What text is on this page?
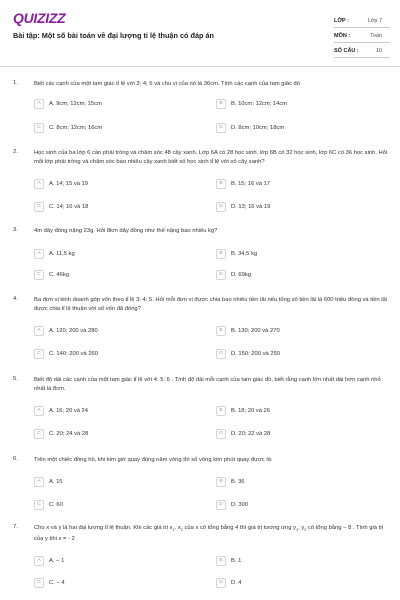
QUIZIZZ
Bài tập: Một số bài toán về đại lượng tỉ lệ thuận có đáp án
LỚP :	Lớp 7
MÔN :	Toán
SỐ CÂU :	10
1.	Biết các cạnh của một tam giác tỉ lệ với 3; 4; 5 và chu vi của nó là 36cm. Tính các cạnh của tam giác đó
A	A. 9cm; 12cm; 15cm	B	B. 10cm; 12cm; 14cm
C	C. 8cm; 12cm; 16cm	D	D. 8cm; 10cm; 18cm
2.	Học sinh của ba lớp 6 cần phải trồng và chăm sóc 48 cây xanh. Lớp 6A có 28 học sinh, lớp 6B có 32 học sinh, lớp 6C có 36 học sinh. Hỏi mỗi lớp phải trồng và chăm sóc bao nhiêu cây xanh biết số học sinh tỉ lệ với số cây xanh?
A	A. 14; 15 và 19	B	B. 15; 16 và 17
C	C. 14; 16 và 18	D	D. 13; 16 và 19
3.	4m dây đồng nặng 23g. Hỏi 8km dây đồng như thế nặng bao nhiêu kg?
A	A. 11,5 kg	B	B. 34,5 kg
C	C. 46kg	D	D. 69kg
4.	Ba đơn vị kinh doanh góp vốn theo tỉ lệ 3: 4: 5. Hỏi mỗi đơn vị được chia bao nhiêu tiền lãi nếu tổng số tiền lãi là 600 triệu đồng và tiền lãi được chia tỉ lệ thuận với số vốn đã đóng?
A	A. 120; 200 và 280	B	B. 130; 200 và 270
C	C. 140; 200 và 260	D	D. 150; 200 và 250
5.	Biết độ dài các cạnh của một tam giác tỉ lệ với 4: 5: 6 . Tính độ dài mỗi cạnh của tam giác đó, biết rằng cạnh lớn nhất dài hơn cạnh nhỏ nhất là 8cm.
A	A. 16; 20 và 24	B	B. 18; 20 và 26
C	C. 20; 24 và 28	D	D. 20; 22 và 28
6.	Trên một chiếc đồng hồ, khi kim giờ quay đúng năm vòng thì số vòng kim phút quay được là:
A	A. 15	B	B. 36
C	C. 60	D	D. 300
7.	Cho x và y là hai đại lượng tỉ lệ thuận. Khi các giá trị $x_1$, $x_2$ của x có tổng bằng 4 thì giá trị tương ứng $y_1$, $y_2$ có tổng bằng − 8 . Tính giá trị của y khi x = - 2
A	A. − 1	B	B. 1
C	C. − 4	D	D. 4
